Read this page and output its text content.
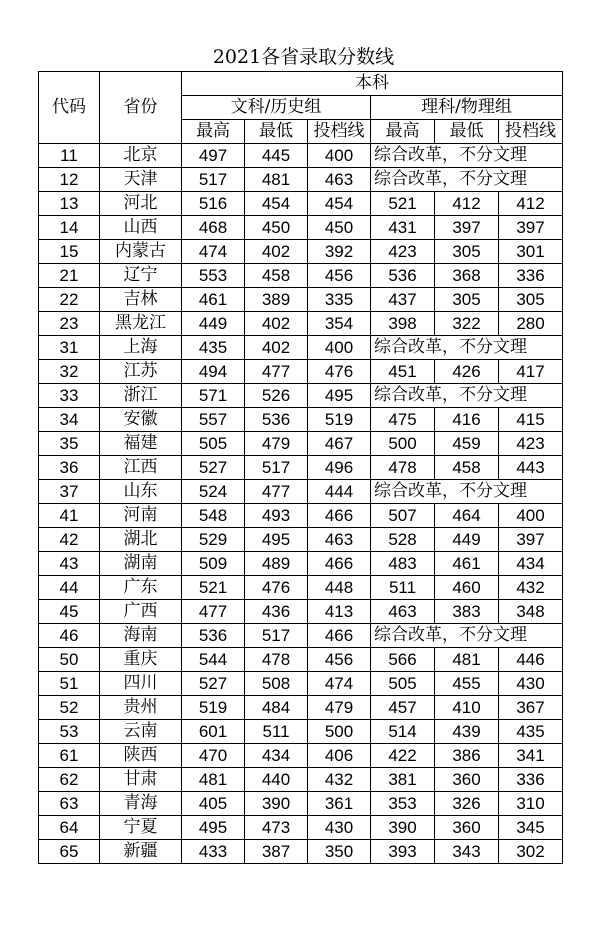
2021各省录取分数线
代码	省份	本科					
		文科/历史组			理科/物理组		
		最高	最低	投档线	最高	最低	投档线
11	北京	497	445	400	综合改革，不分文理		
12	天津	517	481	463	综合改革，不分文理		
13	河北	516	454	454	521	412	412
14	山西	468	450	450	431	397	397
15	内蒙古	474	402	392	423	305	301
21	辽宁	553	458	456	536	368	336
22	吉林	461	389	335	437	305	305
23	黑龙江	449	402	354	398	322	280
31	上海	435	402	400	综合改革，不分文理		
32	江苏	494	477	476	451	426	417
33	浙江	571	526	495	综合改革，不分文理		
34	安徽	557	536	519	475	416	415
35	福建	505	479	467	500	459	423
36	江西	527	517	496	478	458	443
37	山东	524	477	444	综合改革，不分文理		
41	河南	548	493	466	507	464	400
42	湖北	529	495	463	528	449	397
43	湖南	509	489	466	483	461	434
44	广东	521	476	448	511	460	432
45	广西	477	436	413	463	383	348
46	海南	536	517	466	综合改革，不分文理		
50	重庆	544	478	456	566	481	446
51	四川	527	508	474	505	455	430
52	贵州	519	484	479	457	410	367
53	云南	601	511	500	514	439	435
61	陕西	470	434	406	422	386	341
62	甘肃	481	440	432	381	360	336
63	青海	405	390	361	353	326	310
64	宁夏	495	473	430	390	360	345
65	新疆	433	387	350	393	343	302
